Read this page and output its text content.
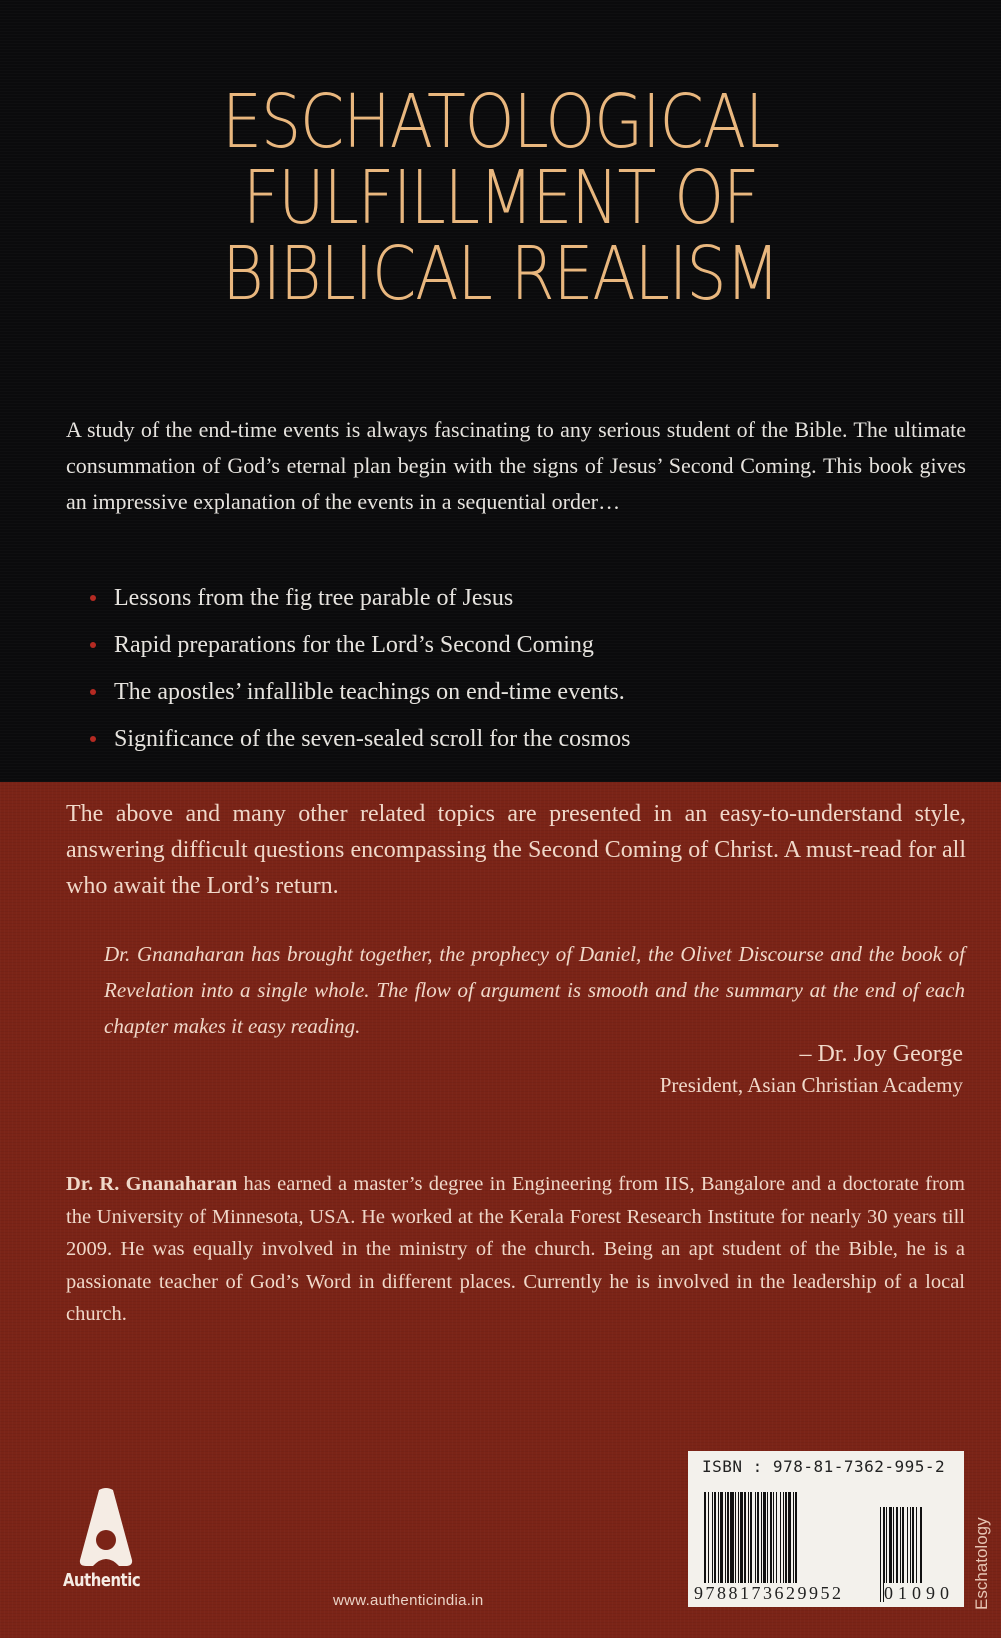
ESCHATOLOGICAL
FULFILLMENT OF
BIBLICAL REALISM

A study of the end-time events is always fascinating to any serious student of the Bible. The ultimate consummation of God’s eternal plan begin with the signs of Jesus’ Second Coming. This book gives an impressive explanation of the events in a sequential order…

Lessons from the fig tree parable of Jesus
Rapid preparations for the Lord’s Second Coming
The apostles’ infallible teachings on end-time events.
Significance of the seven-sealed scroll for the cosmos

The above and many other related topics are presented in an easy-to-understand style, answering difficult questions encompassing the Second Coming of Christ. A must-read for all who await the Lord’s return.

Dr. Gnanaharan has brought together, the prophecy of Daniel, the Olivet Discourse and the book of Revelation into a single whole. The flow of argument is smooth and the summary at the end of each chapter makes it easy reading.

– Dr. Joy George
President, Asian Christian Academy

Dr. R. Gnanaharan has earned a master’s degree in Engineering from IIS, Bangalore and a doctorate from the University of Minnesota, USA. He worked at the Kerala Forest Research Institute for nearly 30 years till 2009. He was equally involved in the ministry of the church. Being an apt student of the Bible, he is a passionate teacher of God’s Word in different places. Currently he is involved in the leadership of a local church.

ISBN : 978-81-7362-995-2
9788173629952 01090 Eschatology
Authentic
www.authenticindia.in
